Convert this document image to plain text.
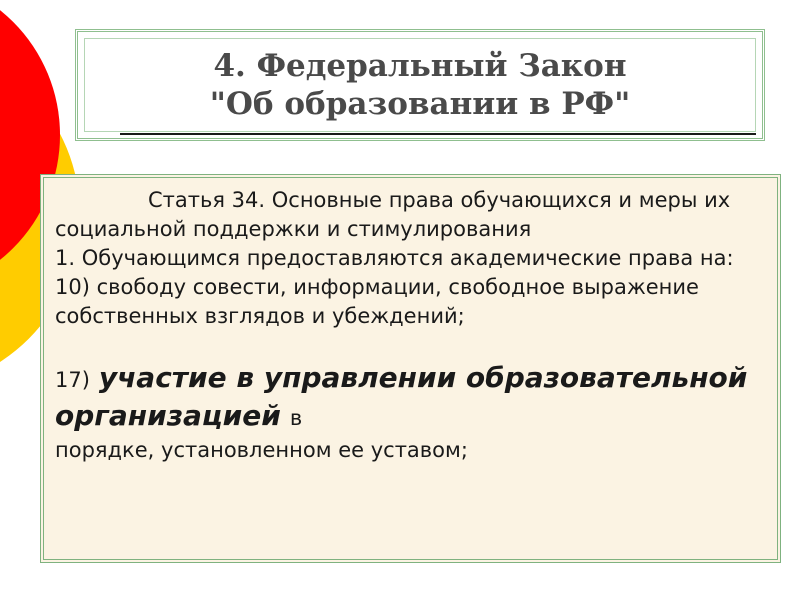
4. Федеральный Закон
"Об образовании в РФ"

Статья 34. Основные права обучающихся и меры их социальной поддержки и стимулирования

1. Обучающимся предоставляются академические права на:

10) свободу совести, информации, свободное выражение собственных взглядов и убеждений;

17) участие в управлении образовательной организацией в

порядке, установленном ее уставом;
